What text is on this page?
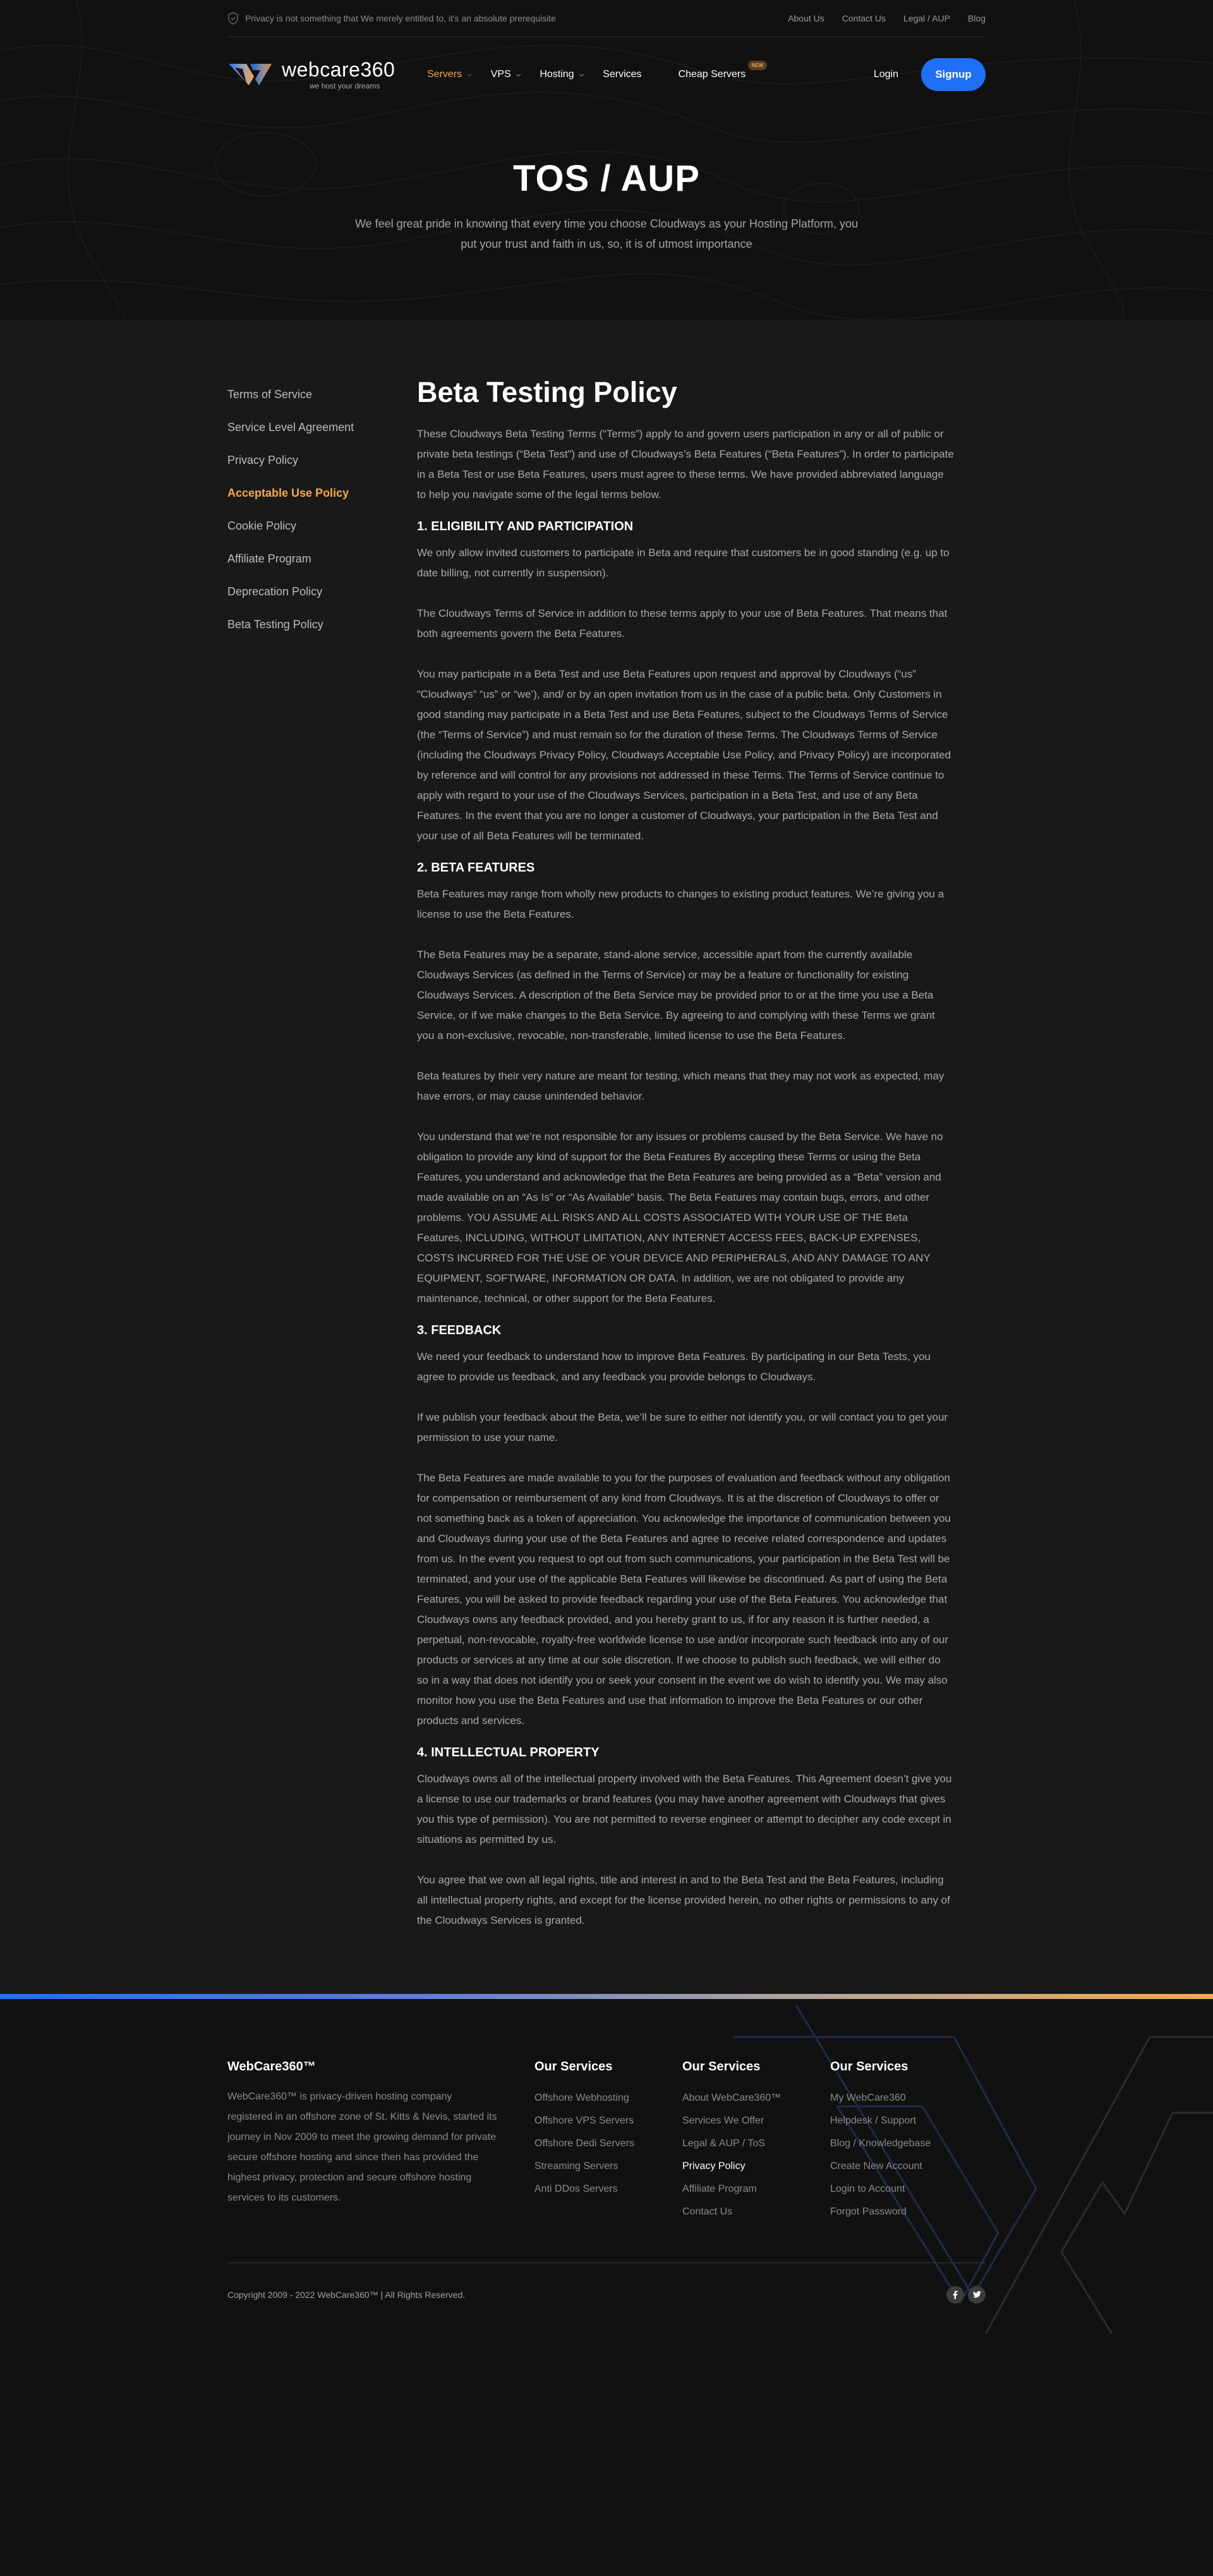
Privacy is not something that We merely entitled to, it's an absolute prerequisite	About Us Contact Us Legal / AUP Blog
webcare360
we host your dreams
Servers ⌵ VPS ⌵ Hosting ⌵ Services	Cheap Servers
NEW
Login	Signup
TOS / AUP

We feel great pride in knowing that every time you choose Cloudways as your Hosting Platform, you put your trust and faith in us, so, it is of utmost importance

Terms of Service
Service Level Agreement
Privacy Policy
Acceptable Use Policy
Cookie Policy
Affiliate Program
Deprecation Policy
Beta Testing Policy
Beta Testing Policy

These Cloudways Beta Testing Terms (“Terms”) apply to and govern users participation in any or all of public or private beta testings (“Beta Test”) and use of Cloudways’s Beta Features (“Beta Features”). In order to participate in a Beta Test or use Beta Features, users must agree to these terms. We have provided abbreviated language to help you navigate some of the legal terms below.

1. ELIGIBILITY AND PARTICIPATION

We only allow invited customers to participate in Beta and require that customers be in good standing (e.g. up to date billing, not currently in suspension).

The Cloudways Terms of Service in addition to these terms apply to your use of Beta Features. That means that both agreements govern the Beta Features.

You may participate in a Beta Test and use Beta Features upon request and approval by Cloudways (“us” “Cloudways” “us” or “we’), and/ or by an open invitation from us in the case of a public beta. Only Customers in good standing may participate in a Beta Test and use Beta Features, subject to the Cloudways Terms of Service (the “Terms of Service”) and must remain so for the duration of these Terms. The Cloudways Terms of Service (including the Cloudways Privacy Policy, Cloudways Acceptable Use Policy, and Privacy Policy) are incorporated by reference and will control for any provisions not addressed in these Terms. The Terms of Service continue to apply with regard to your use of the Cloudways Services, participation in a Beta Test, and use of any Beta Features. In the event that you are no longer a customer of Cloudways, your participation in the Beta Test and your use of all Beta Features will be terminated.

2. BETA FEATURES

Beta Features may range from wholly new products to changes to existing product features. We’re giving you a license to use the Beta Features.

The Beta Features may be a separate, stand-alone service, accessible apart from the currently available Cloudways Services (as defined in the Terms of Service) or may be a feature or functionality for existing Cloudways Services. A description of the Beta Service may be provided prior to or at the time you use a Beta Service, or if we make changes to the Beta Service. By agreeing to and complying with these Terms we grant you a non-exclusive, revocable, non-transferable, limited license to use the Beta Features.

Beta features by their very nature are meant for testing, which means that they may not work as expected, may have errors, or may cause unintended behavior.

You understand that we’re not responsible for any issues or problems caused by the Beta Service. We have no obligation to provide any kind of support for the Beta Features By accepting these Terms or using the Beta Features, you understand and acknowledge that the Beta Features are being provided as a “Beta” version and made available on an “As Is” or “As Available” basis. The Beta Features may contain bugs, errors, and other problems. YOU ASSUME ALL RISKS AND ALL COSTS ASSOCIATED WITH YOUR USE OF THE Beta Features, INCLUDING, WITHOUT LIMITATION, ANY INTERNET ACCESS FEES, BACK-UP EXPENSES, COSTS INCURRED FOR THE USE OF YOUR DEVICE AND PERIPHERALS, AND ANY DAMAGE TO ANY EQUIPMENT, SOFTWARE, INFORMATION OR DATA. In addition, we are not obligated to provide any maintenance, technical, or other support for the Beta Features.

3. FEEDBACK

We need your feedback to understand how to improve Beta Features. By participating in our Beta Tests, you agree to provide us feedback, and any feedback you provide belongs to Cloudways.

If we publish your feedback about the Beta, we’ll be sure to either not identify you, or will contact you to get your permission to use your name.

The Beta Features are made available to you for the purposes of evaluation and feedback without any obligation for compensation or reimbursement of any kind from Cloudways. It is at the discretion of Cloudways to offer or not something back as a token of appreciation. You acknowledge the importance of communication between you and Cloudways during your use of the Beta Features and agree to receive related correspondence and updates from us. In the event you request to opt out from such communications, your participation in the Beta Test will be terminated, and your use of the applicable Beta Features will likewise be discontinued. As part of using the Beta Features, you will be asked to provide feedback regarding your use of the Beta Features. You acknowledge that Cloudways owns any feedback provided, and you hereby grant to us, if for any reason it is further needed, a perpetual, non-revocable, royalty-free worldwide license to use and/or incorporate such feedback into any of our products or services at any time at our sole discretion. If we choose to publish such feedback, we will either do so in a way that does not identify you or seek your consent in the event we do wish to identify you. We may also monitor how you use the Beta Features and use that information to improve the Beta Features or our other products and services.

4. INTELLECTUAL PROPERTY

Cloudways owns all of the intellectual property involved with the Beta Features. This Agreement doesn’t give you a license to use our trademarks or brand features (you may have another agreement with Cloudways that gives you this type of permission). You are not permitted to reverse engineer or attempt to decipher any code except in situations as permitted by us.

You agree that we own all legal rights, title and interest in and to the Beta Test and the Beta Features, including all intellectual property rights, and except for the license provided herein, no other rights or permissions to any of the Cloudways Services is granted.

WebCare360™

WebCare360™ is privacy-driven hosting company registered in an offshore zone of St. Kitts & Nevis, started its journey in Nov 2009 to meet the growing demand for private secure offshore hosting and since then has provided the highest privacy, protection and secure offshore hosting services to its customers.

Our Services
Offshore Webhosting
Offshore VPS Servers
Offshore Dedi Servers
Streaming Servers
Anti DDos Servers
Our Services
About WebCare360™
Services We Offer
Legal & AUP / ToS
Privacy Policy
Affiliate Program
Contact Us
Our Services
My WebCare360
Helpdesk / Support
Blog / Knowledgebase
Create New Account
Login to Account
Forgot Password
Copyright 2009 - 2022 WebCare360™ | All Rights Reserved.
